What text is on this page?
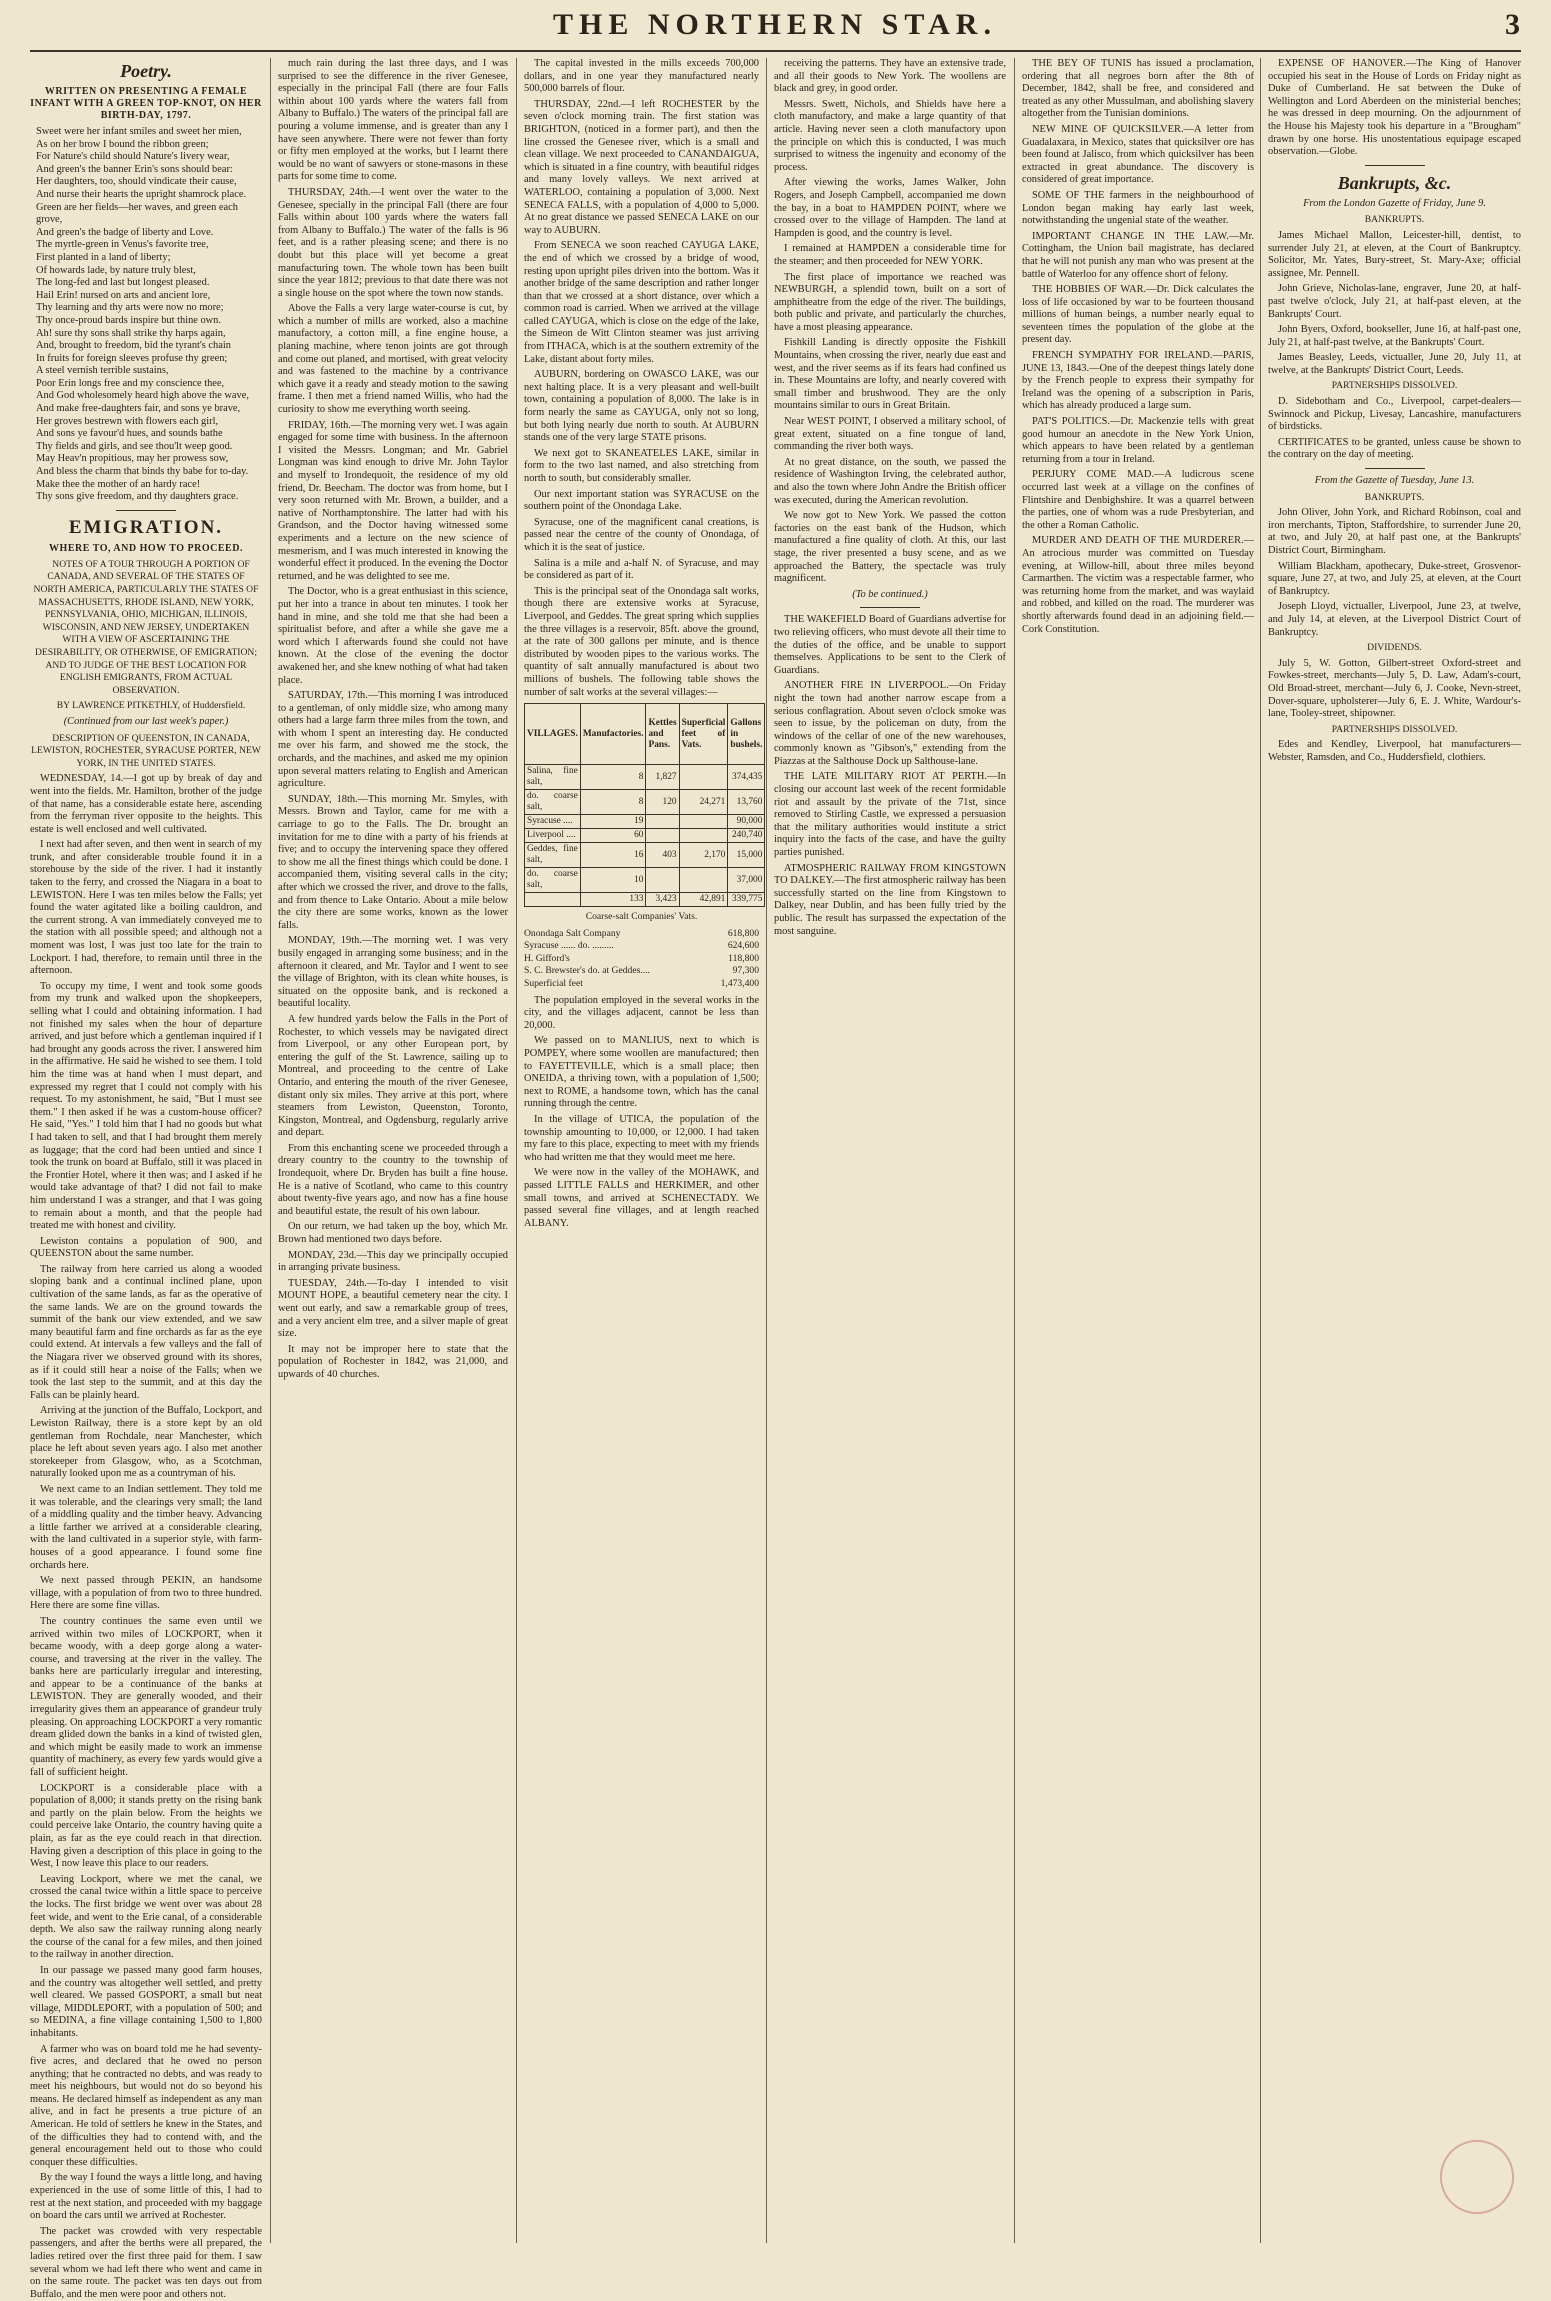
THE NORTHERN STAR.	3
Poetry.
WRITTEN ON PRESENTING A FEMALE INFANT WITH A GREEN TOP-KNOT, ON HER BIRTH-DAY, 1797.

Sweet were her infant smiles and sweet her mien,

As on her brow I bound the ribbon green;

For Nature's child should Nature's livery wear,

And green's the banner Erin's sons should bear:

Her daughters, too, should vindicate their cause,

And nurse their hearts the upright shamrock place.

Green are her fields—her waves, and green each grove,

And green's the badge of liberty and Love.

The myrtle-green in Venus's favorite tree,

First planted in a land of liberty;

Of howards lade, by nature truly blest,

The long-fed and last but longest pleased.

Hail Erin! nursed on arts and ancient lore,

Thy learning and thy arts were now no more;

Thy once-proud bards inspire but thine own.

Ah! sure thy sons shall strike thy harps again,

And, brought to freedom, bid the tyrant's chain

In fruits for foreign sleeves profuse thy green;

A steel vernish terrible sustains,

Poor Erin longs free and my conscience thee,

And God wholesomely heard high above the wave,

And make free-daughters fair, and sons ye brave,

Her groves bestrewn with flowers each girl,

And sons ye favour'd hues, and sounds bathe

Thy fields and girls, and see thou'lt weep good.

May Heav'n propitious, may her prowess sow,

And bless the charm that binds thy babe for to-day.

Make thee the mother of an hardy race!

Thy sons give freedom, and thy daughters grace.

EMIGRATION.
WHERE TO, AND HOW TO PROCEED.

NOTES OF A TOUR THROUGH A PORTION OF CANADA, AND SEVERAL OF THE STATES OF NORTH AMERICA, PARTICULARLY THE STATES OF MASSACHUSETTS, RHODE ISLAND, NEW YORK, PENNSYLVANIA, OHIO, MICHIGAN, ILLINOIS, WISCONSIN, AND NEW JERSEY, UNDERTAKEN WITH A VIEW OF ASCERTAINING THE DESIRABILITY, OR OTHERWISE, OF EMIGRATION; AND TO JUDGE OF THE BEST LOCATION FOR ENGLISH EMIGRANTS, FROM ACTUAL OBSERVATION.

BY LAWRENCE PITKETHLY, of Huddersfield.

(Continued from our last week's paper.)

DESCRIPTION OF QUEENSTON, IN CANADA, LEWISTON, ROCHESTER, SYRACUSE PORTER, NEW YORK, IN THE UNITED STATES.

WEDNESDAY, 14.—I got up by break of day and went into the fields. Mr. Hamilton, brother of the judge of that name, has a considerable estate here, ascending from the ferryman river opposite to the heights. This estate is well enclosed and well cultivated.

I next had after seven, and then went in search of my trunk, and after considerable trouble found it in a storehouse by the side of the river. I had it instantly taken to the ferry, and crossed the Niagara in a boat to LEWISTON. Here I was ten miles below the Falls; yet found the water agitated like a boiling cauldron, and the current strong. A van immediately conveyed me to the station with all possible speed; and although not a moment was lost, I was just too late for the train to Lockport. I had, therefore, to remain until three in the afternoon.

To occupy my time, I went and took some goods from my trunk and walked upon the shopkeepers, selling what I could and obtaining information. I had not finished my sales when the hour of departure arrived, and just before which a gentleman inquired if I had brought any goods across the river. I answered him in the affirmative. He said he wished to see them. I told him the time was at hand when I must depart, and expressed my regret that I could not comply with his request. To my astonishment, he said, "But I must see them." I then asked if he was a custom-house officer? He said, "Yes." I told him that I had no goods but what I had taken to sell, and that I had brought them merely as luggage; that the cord had been untied and since I took the trunk on board at Buffalo, still it was placed in the Frontier Hotel, where it then was; and I asked if he would take advantage of that? I did not fail to make him understand I was a stranger, and that I was going to remain about a month, and that the people had treated me with honest and civility.

Lewiston contains a population of 900, and QUEENSTON about the same number.

The railway from here carried us along a wooded sloping bank and a continual inclined plane, upon cultivation of the same lands, as far as the operative of the same lands. We are on the ground towards the summit of the bank our view extended, and we saw many beautiful farm and fine orchards as far as the eye could extend. At intervals a few valleys and the fall of the Niagara river we observed ground with its shores, as if it could still hear a noise of the Falls; when we took the last step to the summit, and at this day the Falls can be plainly heard.

Arriving at the junction of the Buffalo, Lockport, and Lewiston Railway, there is a store kept by an old gentleman from Rochdale, near Manchester, which place he left about seven years ago. I also met another storekeeper from Glasgow, who, as a Scotchman, naturally looked upon me as a countryman of his.

We next came to an Indian settlement. They told me it was tolerable, and the clearings very small; the land of a middling quality and the timber heavy. Advancing a little farther we arrived at a considerable clearing, with the land cultivated in a superior style, with farm-houses of a good appearance. I found some fine orchards here.

We next passed through PEKIN, an handsome village, with a population of from two to three hundred. Here there are some fine villas.

The country continues the same even until we arrived within two miles of LOCKPORT, when it became woody, with a deep gorge along a water-course, and traversing at the river in the valley. The banks here are particularly irregular and interesting, and appear to be a continuance of the banks at LEWISTON. They are generally wooded, and their irregularity gives them an appearance of grandeur truly pleasing. On approaching LOCKPORT a very romantic dream glided down the banks in a kind of twisted glen, and which might be easily made to work an immense quantity of machinery, as every few yards would give a fall of sufficient height.

LOCKPORT is a considerable place with a population of 8,000; it stands pretty on the rising bank and partly on the plain below. From the heights we could perceive lake Ontario, the country having quite a plain, as far as the eye could reach in that direction. Having given a description of this place in going to the West, I now leave this place to our readers.

Leaving Lockport, where we met the canal, we crossed the canal twice within a little space to perceive the locks. The first bridge we went over was about 28 feet wide, and went to the Erie canal, of a considerable depth. We also saw the railway running along nearly the course of the canal for a few miles, and then joined to the railway in another direction.

In our passage we passed many good farm houses, and the country was altogether well settled, and pretty well cleared. We passed GOSPORT, a small but neat village, MIDDLEPORT, with a population of 500; and so MEDINA, a fine village containing 1,500 to 1,800 inhabitants.

A farmer who was on board told me he had seventy-five acres, and declared that he owed no person anything; that he contracted no debts, and was ready to meet his neighbours, but would not do so beyond his means. He declared himself as independent as any man alive, and in fact he presents a true picture of an American. He told of settlers he knew in the States, and of the difficulties they had to contend with, and the general encouragement held out to those who could conquer these difficulties.

By the way I found the ways a little long, and having experienced in the use of some little of this, I had to rest at the next station, and proceeded with my baggage on board the cars until we arrived at Rochester.

The packet was crowded with very respectable passengers, and after the berths were all prepared, the ladies retired over the first three paid for them. I saw several whom we had left there who went and came in on the same route. The packet was ten days out from Buffalo, and the men were poor and others not.

much rain during the last three days, and I was surprised to see the difference in the river Genesee, especially in the principal Fall (there are four Falls within about 100 yards where the waters fall from Albany to Buffalo.) The waters of the principal fall are pouring a volume immense, and is greater than any I have seen anywhere. There were not fewer than forty or fifty men employed at the works, but I learnt there would be no want of sawyers or stone-masons in these parts for some time to come.

THURSDAY, 24th.—I went over the water to the Genesee, specially in the principal Fall (there are four Falls within about 100 yards where the waters fall from Albany to Buffalo.) The water of the falls is 96 feet, and is a rather pleasing scene; and there is no doubt but this place will yet become a great manufacturing town. The whole town has been built since the year 1812; previous to that date there was not a single house on the spot where the town now stands.

Above the Falls a very large water-course is cut, by which a number of mills are worked, also a machine manufactory, a cotton mill, a fine engine house, a planing machine, where tenon joints are got through and come out planed, and mortised, with great velocity and was fastened to the machine by a contrivance which gave it a ready and steady motion to the sawing frame. I then met a friend named Willis, who had the curiosity to show me everything worth seeing.

FRIDAY, 16th.—The morning very wet. I was again engaged for some time with business. In the afternoon I visited the Messrs. Longman; and Mr. Gabriel Longman was kind enough to drive Mr. John Taylor and myself to Irondequoit, the residence of my old friend, Dr. Beecham. The doctor was from home, but I very soon returned with Mr. Brown, a builder, and a native of Northamptonshire. The latter had with his Grandson, and the Doctor having witnessed some experiments and a lecture on the new science of mesmerism, and I was much interested in knowing the wonderful effect it produced. In the evening the Doctor returned, and he was delighted to see me.

The Doctor, who is a great enthusiast in this science, put her into a trance in about ten minutes. I took her hand in mine, and she told me that she had been a spiritualist before, and after a while she gave me a word which I afterwards found she could not have known. At the close of the evening the doctor awakened her, and she knew nothing of what had taken place.

SATURDAY, 17th.—This morning I was introduced to a gentleman, of only middle size, who among many others had a large farm three miles from the town, and with whom I spent an interesting day. He conducted me over his farm, and showed me the stock, the orchards, and the machines, and asked me my opinion upon several matters relating to English and American agriculture.

SUNDAY, 18th.—This morning Mr. Smyles, with Messrs. Brown and Taylor, came for me with a carriage to go to the Falls. The Dr. brought an invitation for me to dine with a party of his friends at five; and to occupy the intervening space they offered to show me all the finest things which could be done. I accompanied them, visiting several calls in the city; after which we crossed the river, and drove to the falls, and from thence to Lake Ontario. About a mile below the city there are some works, known as the lower falls.

MONDAY, 19th.—The morning wet. I was very busily engaged in arranging some business; and in the afternoon it cleared, and Mr. Taylor and I went to see the village of Brighton, with its clean white houses, is situated on the opposite bank, and is reckoned a beautiful locality.

A few hundred yards below the Falls in the Port of Rochester, to which vessels may be navigated direct from Liverpool, or any other European port, by entering the gulf of the St. Lawrence, sailing up to Montreal, and proceeding to the centre of Lake Ontario, and entering the mouth of the river Genesee, distant only six miles. They arrive at this port, where steamers from Lewiston, Queenston, Toronto, Kingston, Montreal, and Ogdensburg, regularly arrive and depart.

From this enchanting scene we proceeded through a dreary country to the country to the township of Irondequoit, where Dr. Bryden has built a fine house. He is a native of Scotland, who came to this country about twenty-five years ago, and now has a fine house and beautiful estate, the result of his own labour.

On our return, we had taken up the boy, which Mr. Brown had mentioned two days before.

MONDAY, 23d.—This day we principally occupied in arranging private business.

TUESDAY, 24th.—To-day I intended to visit MOUNT HOPE, a beautiful cemetery near the city. I went out early, and saw a remarkable group of trees, and a very ancient elm tree, and a silver maple of great size.

It may not be improper here to state that the population of Rochester in 1842, was 21,000, and upwards of 40 churches.

The capital invested in the mills exceeds 700,000 dollars, and in one year they manufactured nearly 500,000 barrels of flour.

THURSDAY, 22nd.—I left ROCHESTER by the seven o'clock morning train. The first station was BRIGHTON, (noticed in a former part), and then the line crossed the Genesee river, which is a small and clean village. We next proceeded to CANANDAIGUA, which is situated in a fine country, with beautiful ridges and many lovely valleys. We next arrived at WATERLOO, containing a population of 3,000. Next SENECA FALLS, with a population of 4,000 to 5,000. At no great distance we passed SENECA LAKE on our way to AUBURN.

From SENECA we soon reached CAYUGA LAKE, the end of which we crossed by a bridge of wood, resting upon upright piles driven into the bottom. Was it another bridge of the same description and rather longer than that we crossed at a short distance, over which a common road is carried. When we arrived at the village called CAYUGA, which is close on the edge of the lake, the Simeon de Witt Clinton steamer was just arriving from ITHACA, which is at the southern extremity of the Lake, distant about forty miles.

AUBURN, bordering on OWASCO LAKE, was our next halting place. It is a very pleasant and well-built town, containing a population of 8,000. The lake is in form nearly the same as CAYUGA, only not so long, but both lying nearly due north to south. At AUBURN stands one of the very large STATE prisons.

We next got to SKANEATELES LAKE, similar in form to the two last named, and also stretching from north to south, but considerably smaller.

Our next important station was SYRACUSE on the southern point of the Onondaga Lake.

Syracuse, one of the magnificent canal creations, is passed near the centre of the county of Onondaga, of which it is the seat of justice.

Salina is a mile and a-half N. of Syracuse, and may be considered as part of it.

This is the principal seat of the Onondaga salt works, though there are extensive works at Syracuse, Liverpool, and Geddes. The great spring which supplies the three villages is a reservoir, 85ft. above the ground, at the rate of 300 gallons per minute, and is thence distributed by wooden pipes to the various works. The quantity of salt annually manufactured is about two millions of bushels. The following table shows the number of salt works at the several villages:—

VILLAGES.	Manufactories.	Kettles and Pans.	Superficial feet of Vats.	Gallons in bushels.
Salina, fine salt,	8	1,827		374,435
do. coarse salt,	8	120	24,271	13,760
Syracuse ....	19			90,000
Liverpool ....	60			240,740
Geddes, fine salt,	16	403	2,170	15,000
do. coarse salt,	10			37,000
	133	3,423	42,891	339,775
Coarse-salt Companies' Vats.
Onondaga Salt Company	618,800
Syracuse ...... do. .........	624,600
H. Gifford's	118,800
S. C. Brewster's do. at Geddes....	97,300
Superficial feet	1,473,400

The population employed in the several works in the city, and the villages adjacent, cannot be less than 20,000.

We passed on to MANLIUS, next to which is POMPEY, where some woollen are manufactured; then to FAYETTEVILLE, which is a small place; then ONEIDA, a thriving town, with a population of 1,500; next to ROME, a handsome town, which has the canal running through the centre.

In the village of UTICA, the population of the township amounting to 10,000, or 12,000. I had taken my fare to this place, expecting to meet with my friends who had written me that they would meet me here.

We were now in the valley of the MOHAWK, and passed LITTLE FALLS and HERKIMER, and other small towns, and arrived at SCHENECTADY. We passed several fine villages, and at length reached ALBANY.

receiving the patterns. They have an extensive trade, and all their goods to New York. The woollens are black and grey, in good order.

Messrs. Swett, Nichols, and Shields have here a cloth manufactory, and make a large quantity of that article. Having never seen a cloth manufactory upon the principle on which this is conducted, I was much surprised to witness the ingenuity and economy of the process.

After viewing the works, James Walker, John Rogers, and Joseph Campbell, accompanied me down the bay, in a boat to HAMPDEN POINT, where we crossed over to the village of Hampden. The land at Hampden is good, and the country is level.

I remained at HAMPDEN a considerable time for the steamer; and then proceeded for NEW YORK.

The first place of importance we reached was NEWBURGH, a splendid town, built on a sort of amphitheatre from the edge of the river. The buildings, both public and private, and particularly the churches, have a most pleasing appearance.

Fishkill Landing is directly opposite the Fishkill Mountains, when crossing the river, nearly due east and west, and the river seems as if its fears had confined us in. These Mountains are lofty, and nearly covered with small timber and brushwood. They are the only mountains similar to ours in Great Britain.

Near WEST POINT, I observed a military school, of great extent, situated on a fine tongue of land, commanding the river both ways.

At no great distance, on the south, we passed the residence of Washington Irving, the celebrated author, and also the town where John Andre the British officer was executed, during the American revolution.

We now got to New York. We passed the cotton factories on the east bank of the Hudson, which manufactured a fine quality of cloth. At this, our last stage, the river presented a busy scene, and as we approached the Battery, the spectacle was truly magnificent.

(To be continued.)

THE WAKEFIELD Board of Guardians advertise for two relieving officers, who must devote all their time to the duties of the office, and be unable to support themselves. Applications to be sent to the Clerk of Guardians.

ANOTHER FIRE IN LIVERPOOL.—On Friday night the town had another narrow escape from a serious conflagration. About seven o'clock smoke was seen to issue, by the policeman on duty, from the windows of the cellar of one of the new warehouses, commonly known as "Gibson's," extending from the Piazzas at the Salthouse Dock up Salthouse-lane.

THE LATE MILITARY RIOT AT PERTH.—In closing our account last week of the recent formidable riot and assault by the private of the 71st, since removed to Stirling Castle, we expressed a persuasion that the military authorities would institute a strict inquiry into the facts of the case, and have the guilty parties punished.

ATMOSPHERIC RAILWAY FROM KINGSTOWN TO DALKEY.—The first atmospheric railway has been successfully started on the line from Kingstown to Dalkey, near Dublin, and has been fully tried by the public. The result has surpassed the expectation of the most sanguine.

THE BEY OF TUNIS has issued a proclamation, ordering that all negroes born after the 8th of December, 1842, shall be free, and considered and treated as any other Mussulman, and abolishing slavery altogether from the Tunisian dominions.

NEW MINE OF QUICKSILVER.—A letter from Guadalaxara, in Mexico, states that quicksilver ore has been found at Jalisco, from which quicksilver has been extracted in great abundance. The discovery is considered of great importance.

SOME OF THE farmers in the neighbourhood of London began making hay early last week, notwithstanding the ungenial state of the weather.

IMPORTANT CHANGE IN THE LAW.—Mr. Cottingham, the Union bail magistrate, has declared that he will not punish any man who was present at the battle of Waterloo for any offence short of felony.

THE HOBBIES OF WAR.—Dr. Dick calculates the loss of life occasioned by war to be fourteen thousand millions of human beings, a number nearly equal to seventeen times the population of the globe at the present day.

FRENCH SYMPATHY FOR IRELAND.—PARIS, JUNE 13, 1843.—One of the deepest things lately done by the French people to express their sympathy for Ireland was the opening of a subscription in Paris, which has already produced a large sum.

PAT'S POLITICS.—Dr. Mackenzie tells with great good humour an anecdote in the New York Union, which appears to have been related by a gentleman returning from a tour in Ireland.

PERJURY COME MAD.—A ludicrous scene occurred last week at a village on the confines of Flintshire and Denbighshire. It was a quarrel between the parties, one of whom was a rude Presbyterian, and the other a Roman Catholic.

MURDER AND DEATH OF THE MURDERER.—An atrocious murder was committed on Tuesday evening, at Willow-hill, about three miles beyond Carmarthen. The victim was a respectable farmer, who was returning home from the market, and was waylaid and robbed, and killed on the road. The murderer was shortly afterwards found dead in an adjoining field.—Cork Constitution.

EXPENSE OF HANOVER.—The King of Hanover occupied his seat in the House of Lords on Friday night as Duke of Cumberland. He sat between the Duke of Wellington and Lord Aberdeen on the ministerial benches; he was dressed in deep mourning. On the adjournment of the House his Majesty took his departure in a "Brougham" drawn by one horse. His unostentatious equipage escaped observation.—Globe.

Bankrupts, &c.
From the London Gazette of Friday, June 9.
BANKRUPTS.

James Michael Mallon, Leicester-hill, dentist, to surrender July 21, at eleven, at the Court of Bankruptcy. Solicitor, Mr. Yates, Bury-street, St. Mary-Axe; official assignee, Mr. Pennell.

John Grieve, Nicholas-lane, engraver, June 20, at half-past twelve o'clock, July 21, at half-past eleven, at the Bankrupts' Court.

John Byers, Oxford, bookseller, June 16, at half-past one, July 21, at half-past twelve, at the Bankrupts' Court.

James Beasley, Leeds, victualler, June 20, July 11, at twelve, at the Bankrupts' District Court, Leeds.

PARTNERSHIPS DISSOLVED.

D. Sidebotham and Co., Liverpool, carpet-dealers—Swinnock and Pickup, Livesay, Lancashire, manufacturers of birdsticks.

CERTIFICATES to be granted, unless cause be shown to the contrary on the day of meeting.

From the Gazette of Tuesday, June 13.
BANKRUPTS.

John Oliver, John York, and Richard Robinson, coal and iron merchants, Tipton, Staffordshire, to surrender June 20, at two, and July 20, at half past one, at the Bankrupts' District Court, Birmingham.

William Blackham, apothecary, Duke-street, Grosvenor-square, June 27, at two, and July 25, at eleven, at the Court of Bankruptcy.

Joseph Lloyd, victualler, Liverpool, June 23, at twelve, and July 14, at eleven, at the Liverpool District Court of Bankruptcy.

DIVIDENDS.

July 5, W. Gotton, Gilbert-street Oxford-street and Fowkes-street, merchants—July 5, D. Law, Adam's-court, Old Broad-street, merchant—July 6, J. Cooke, Nevn-street, Dover-square, upholsterer—July 6, E. J. White, Wardour's-lane, Tooley-street, shipowner.

PARTNERSHIPS DISSOLVED.

Edes and Kendley, Liverpool, hat manufacturers—Webster, Ramsden, and Co., Huddersfield, clothiers.
